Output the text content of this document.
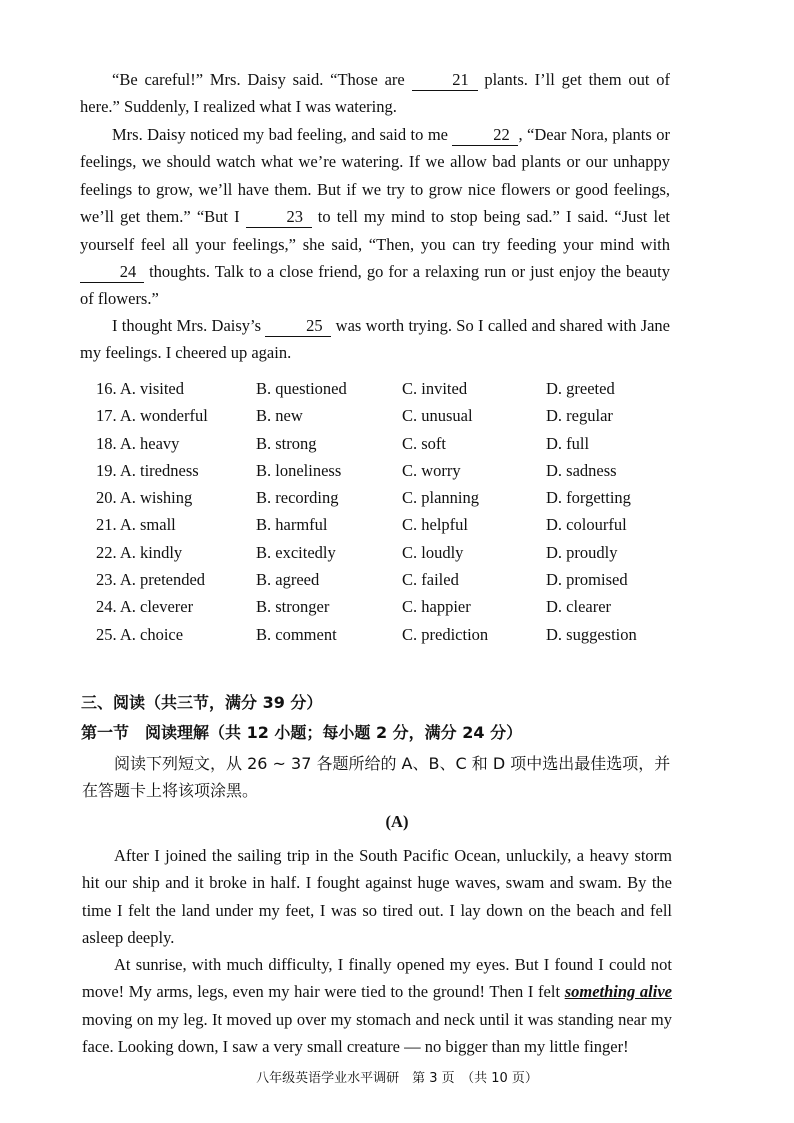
“Be careful!” Mrs. Daisy said. “Those are 21 plants. I’ll get them out of here.” Suddenly, I realized what I was watering.
Mrs. Daisy noticed my bad feeling, and said to me 22 , “Dear Nora, plants or feelings, we should watch what we’re watering. If we allow bad plants or our unhappy feelings to grow, we’ll have them. But if we try to grow nice flowers or good feelings, we’ll get them.” “But I 23 to tell my mind to stop being sad.” I said. “Just let yourself feel all your feelings,” she said, “Then, you can try feeding your mind with 24 thoughts. Talk to a close friend, go for a relaxing run or just enjoy the beauty of flowers.”
I thought Mrs. Daisy’s 25 was worth trying. So I called and shared with Jane my feelings. I cheered up again.
16. A. visited	B. questioned	C. invited	D. greeted
17. A. wonderful	B. new	C. unusual	D. regular
18. A. heavy	B. strong	C. soft	D. full
19. A. tiredness	B. loneliness	C. worry	D. sadness
20. A. wishing	B. recording	C. planning	D. forgetting
21. A. small	B. harmful	C. helpful	D. colourful
22. A. kindly	B. excitedly	C. loudly	D. proudly
23. A. pretended	B. agreed	C. failed	D. promised
24. A. cleverer	B. stronger	C. happier	D. clearer
25. A. choice	B. comment	C. prediction	D. suggestion
三、阅读（共三节，满分 39 分）
第一节　阅读理解（共 12 小题；每小题 2 分，满分 24 分）
阅读下列短文，从 26 ~ 37 各题所给的 A、B、C 和 D 项中选出最佳选项，并在答题卡上将该项涂黑。
(A)
After I joined the sailing trip in the South Pacific Ocean, unluckily, a heavy storm hit our ship and it broke in half. I fought against huge waves, swam and swam. By the time I felt the land under my feet, I was so tired out. I lay down on the beach and fell asleep deeply.
At sunrise, with much difficulty, I finally opened my eyes. But I found I could not move! My arms, legs, even my hair were tied to the ground! Then I felt something alive moving on my leg. It moved up over my stomach and neck until it was standing near my face. Looking down, I saw a very small creature — no bigger than my little finger!
八年级英语学业水平调研　第 3 页　（共 10 页）
